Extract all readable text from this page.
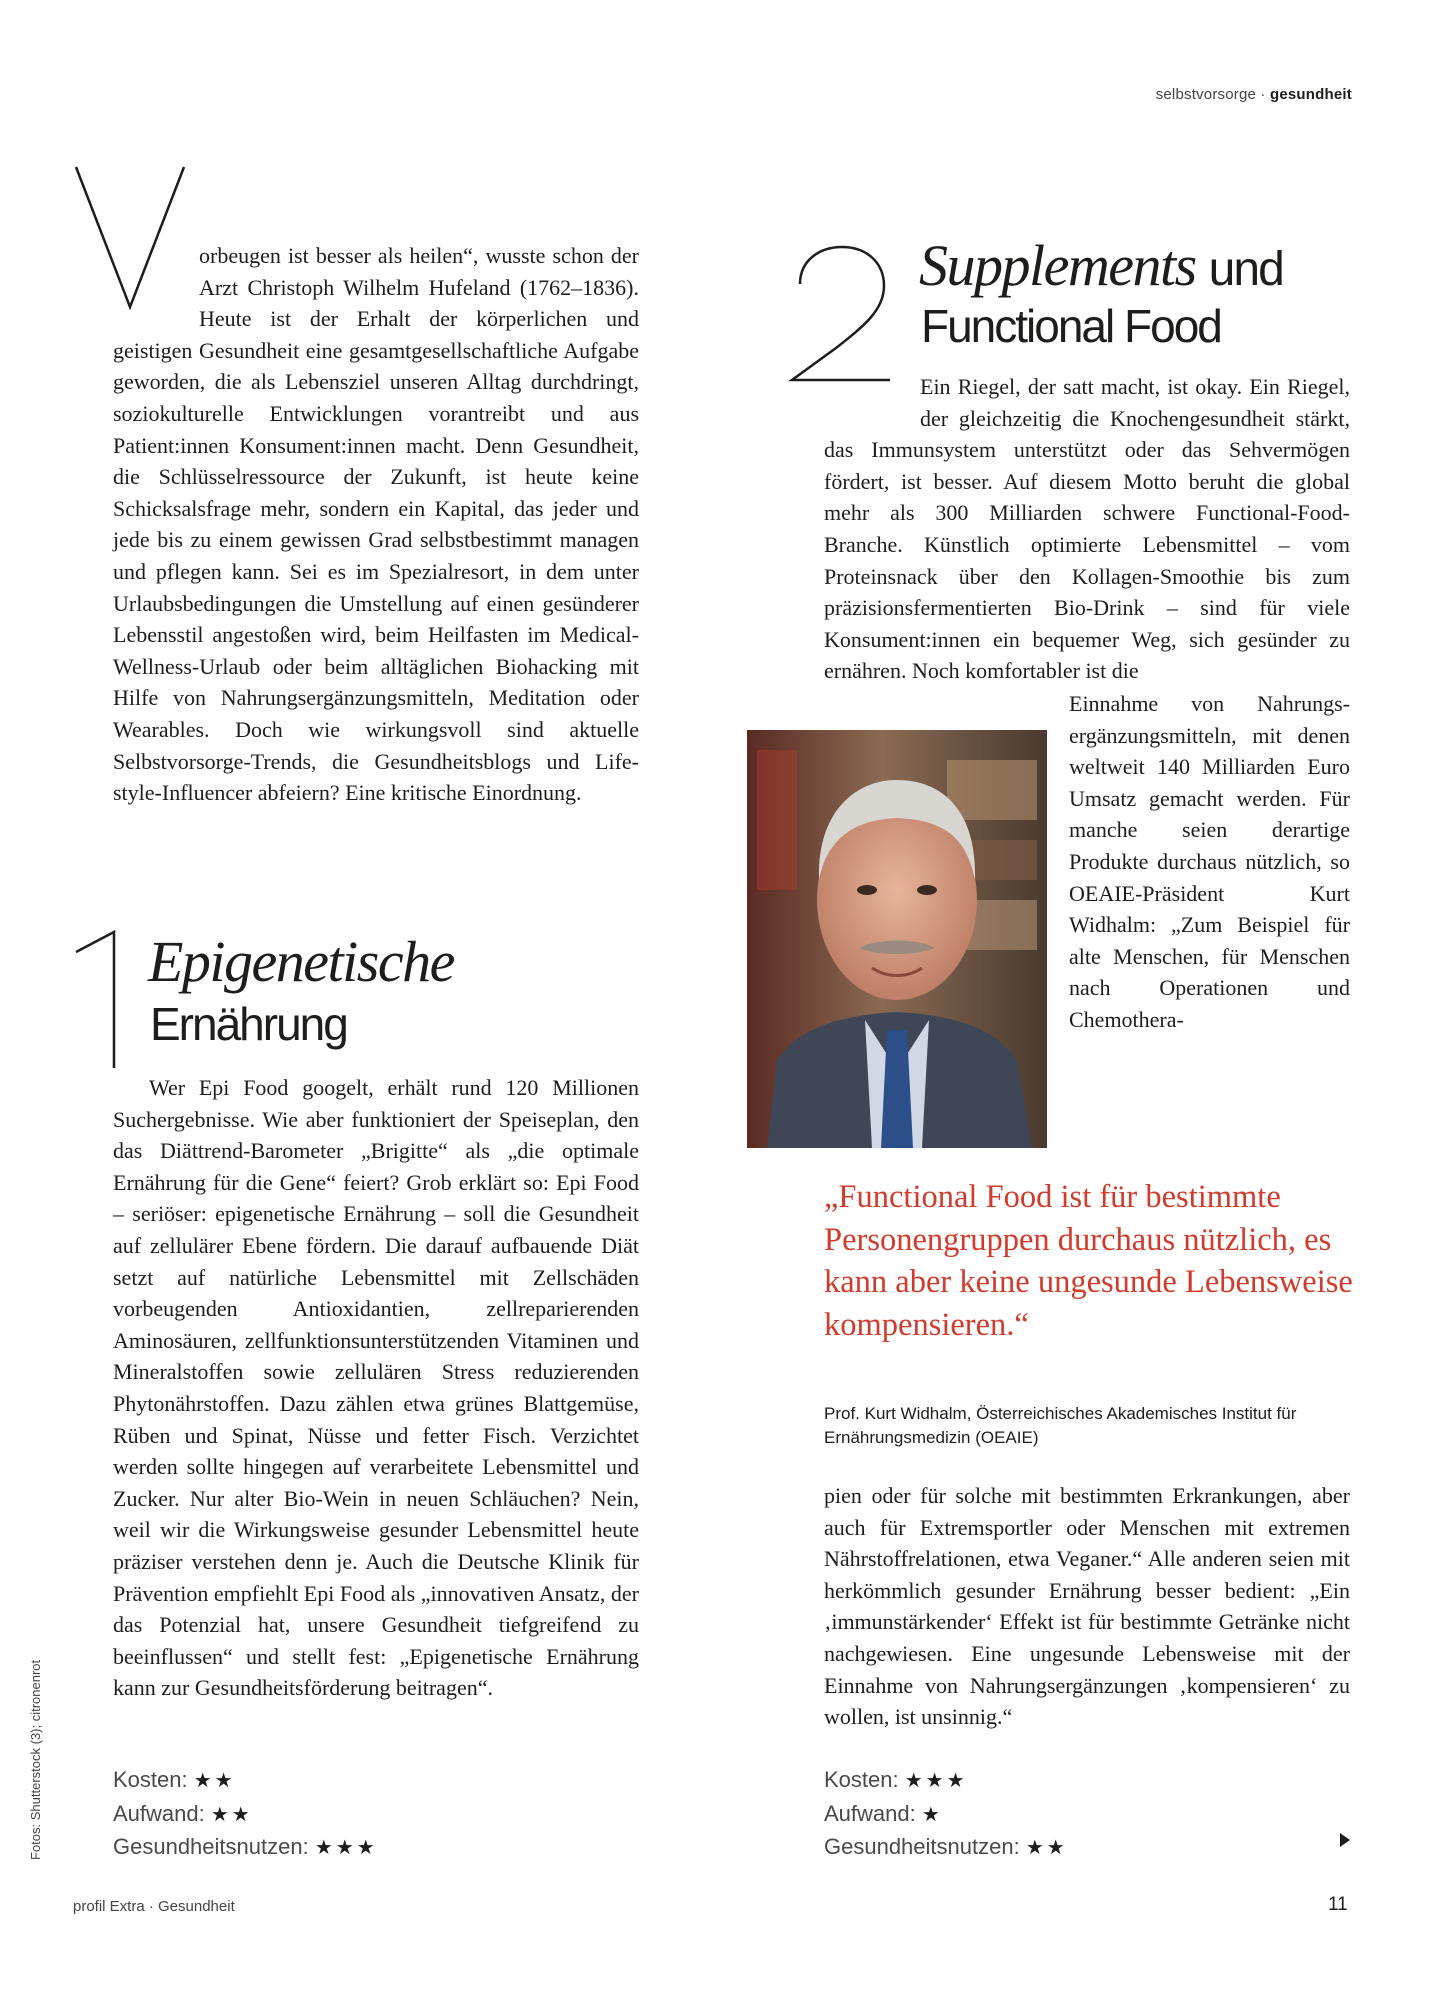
selbstvorsorge · gesundheit

orbeugen ist besser als heilen“, wusste schon der Arzt Christoph Wilhelm Hufeland (1762–1836). Heute ist der Erhalt der körperlichen und geistigen Gesundheit eine gesamtgesellschaftliche Aufgabe geworden, die als Lebensziel unseren Alltag durchdringt, soziokulturelle Entwicklungen vorantreibt und aus Patient:innen Konsument:innen macht. Denn Gesundheit, die Schlüsselressource der Zukunft, ist heute keine Schicksalsfrage mehr, sondern ein Kapital, das jeder und jede bis zu einem gewissen Grad selbstbestimmt managen und pflegen kann. Sei es im Spezialresort, in dem unter Urlaubsbedingungen die Umstellung auf einen gesünderer Lebensstil angestoßen wird, beim Heilfasten im Medical-Wellness-Urlaub oder beim alltäglichen Biohacking mit Hilfe von Nahrungsergänzungsmitteln, Meditation oder Wearables. Doch wie wirkungsvoll sind aktuelle Selbstvorsorge-Trends, die Gesundheitsblogs und Lifestyle-Influencer abfeiern? Eine kritische Einordnung.

Epigenetische
Ernährung

Wer Epi Food googelt, erhält rund 120 Millionen Suchergebnisse. Wie aber funktioniert der Speiseplan, den das Diättrend-Barometer „Brigitte“ als „die optimale Ernährung für die Gene“ feiert? Grob erklärt so: Epi Food – seriöser: epigenetische Ernährung – soll die Gesundheit auf zellulärer Ebene fördern. Die darauf aufbauende Diät setzt auf natürliche Lebensmittel mit Zellschäden vorbeugenden Antioxidantien, zellreparierenden Aminosäuren, zellfunktionsunterstützenden Vitaminen und Mineralstoffen sowie zellulären Stress reduzierenden Phytonährstoffen. Dazu zählen etwa grünes Blattgemüse, Rüben und Spinat, Nüsse und fetter Fisch. Verzichtet werden sollte hingegen auf verarbeitete Lebensmittel und Zucker. Nur alter Bio-Wein in neuen Schläuchen? Nein, weil wir die Wirkungsweise gesunder Lebensmittel heute präziser verstehen denn je. Auch die Deutsche Klinik für Prävention empfiehlt Epi Food als „innovativen Ansatz, der das Potenzial hat, unsere Gesundheit tiefgreifend zu beeinflussen“ und stellt fest: „Epigenetische Ernährung kann zur Gesundheitsförderung beitragen“.

Kosten: ★★
Aufwand: ★★
Gesundheitsnutzen: ★★★
Supplements und
Functional Food

Ein Riegel, der satt macht, ist okay. Ein Riegel, der gleichzeitig die Knochengesundheit stärkt, das Immunsystem unterstützt oder das Sehvermögen fördert, ist besser. Auf diesem Motto beruht die global mehr als 300 Milliarden schwere Functional-Food-Branche. Künstlich optimierte Lebensmittel – vom Proteinsnack über den Kollagen-Smoothie bis zum präzisionsfermentierten Bio-Drink – sind für viele Konsument:innen ein bequemer Weg, sich gesünder zu ernähren. Noch komfortabler ist die

Einnahme von Nahrungsergänzungsmitteln, mit denen weltweit 140 Milliarden Euro Umsatz gemacht werden. Für manche seien derartige Produkte durchaus nützlich, so OEAIE-Präsident Kurt Widhalm: „Zum Beispiel für alte Menschen, für Menschen nach Operationen und Chemothera-

„Functional Food ist für bestimmte Personengruppen durchaus nützlich, es kann aber keine ungesunde Lebensweise kompensieren.“

Prof. Kurt Widhalm, Österreichisches Akademisches Institut für Ernährungsmedizin (OEAIE)

pien oder für solche mit bestimmten Erkrankungen, aber auch für Extremsportler oder Menschen mit extremen Nährstoffrelationen, etwa Veganer.“ Alle anderen seien mit herkömmlich gesunder Ernährung besser bedient: „Ein ‚immunstärkender‘ Effekt ist für bestimmte Getränke nicht nachgewiesen. Eine ungesunde Lebensweise mit der Einnahme von Nahrungsergänzungen ‚kompensieren‘ zu wollen, ist unsinnig.“

Kosten: ★★★
Aufwand: ★
Gesundheitsnutzen: ★★
Fotos: Shutterstock (3); citronenrot
profil Extra · Gesundheit	11
